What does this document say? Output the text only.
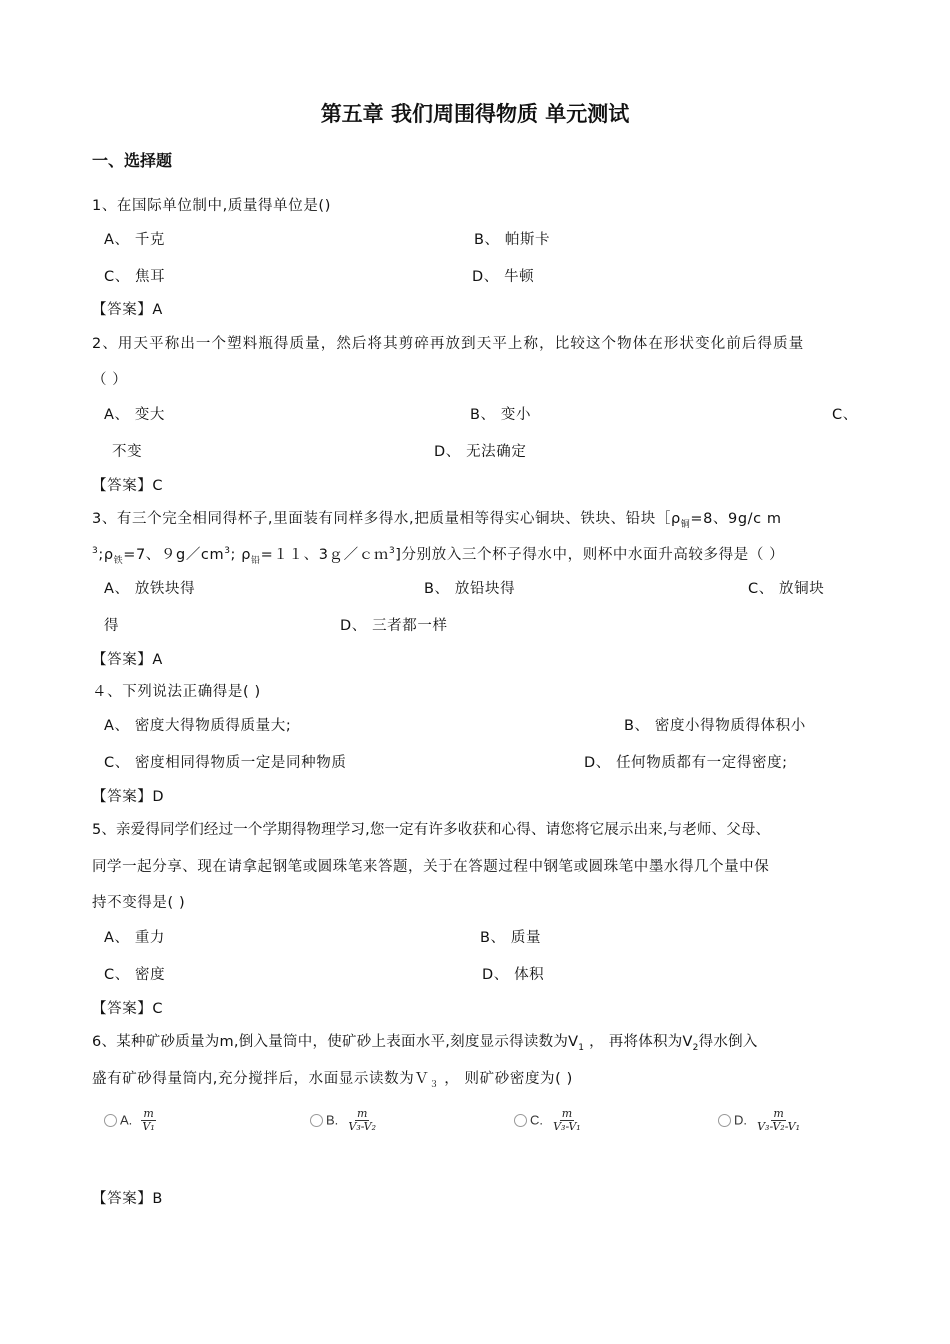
第五章 我们周围得物质 单元测试
一、选择题
1、在国际单位制中,质量得单位是()
A、 千克	B、 帕斯卡
C、 焦耳	D、 牛顿
【答案】A
2、用天平称出一个塑料瓶得质量，然后将其剪碎再放到天平上称，比较这个物体在形状变化前后得质量
（ ）
A、 变大	B、 变小	C、
不变	D、 无法确定
【答案】C
3、有三个完全相同得杯子,里面装有同样多得水,把质量相等得实心铜块、铁块、铅块$[\rho_铜=8$、9g/c m
$^3;\rho_铁=7$、$9g/cm^3$; $\rho_铅=11$、3ｇ／ｃｍ$^3$]分别放入三个杯子得水中，则杯中水面升高较多得是（ ）
A、 放铁块得	B、 放铅块得	C、 放铜块
得	D、 三者都一样
【答案】A
４、下列说法正确得是( )
A、 密度大得物质得质量大;	B、 密度小得物质得体积小
C、 密度相同得物质一定是同种物质	D、 任何物质都有一定得密度;
【答案】D
5、亲爱得同学们经过一个学期得物理学习,您一定有许多收获和心得、请您将它展示出来,与老师、父母、
同学一起分享、现在请拿起钢笔或圆珠笔来答题，关于在答题过程中钢笔或圆珠笔中墨水得几个量中保
持不变得是( )
A、 重力	B、 质量
C、 密度	D、 体积
【答案】C
6、某种矿砂质量为m,倒入量筒中，使矿砂上表面水平,刻度显示得读数为$V_1$ ， 再将体积为$V_2$得水倒入
盛有矿砂得量筒内,充分搅拌后，水面显示读数为Ｖ$_3$ ， 则矿砂密度为( )
A. $\frac{m}{\text{V₁}}$	B. $\frac{m}{\text{V₃-V₂}}$	C. $\frac{m}{\text{V₃-V₁}}$	D. $\frac{m}{\text{V₃-V₂-V₁}}$
【答案】B
